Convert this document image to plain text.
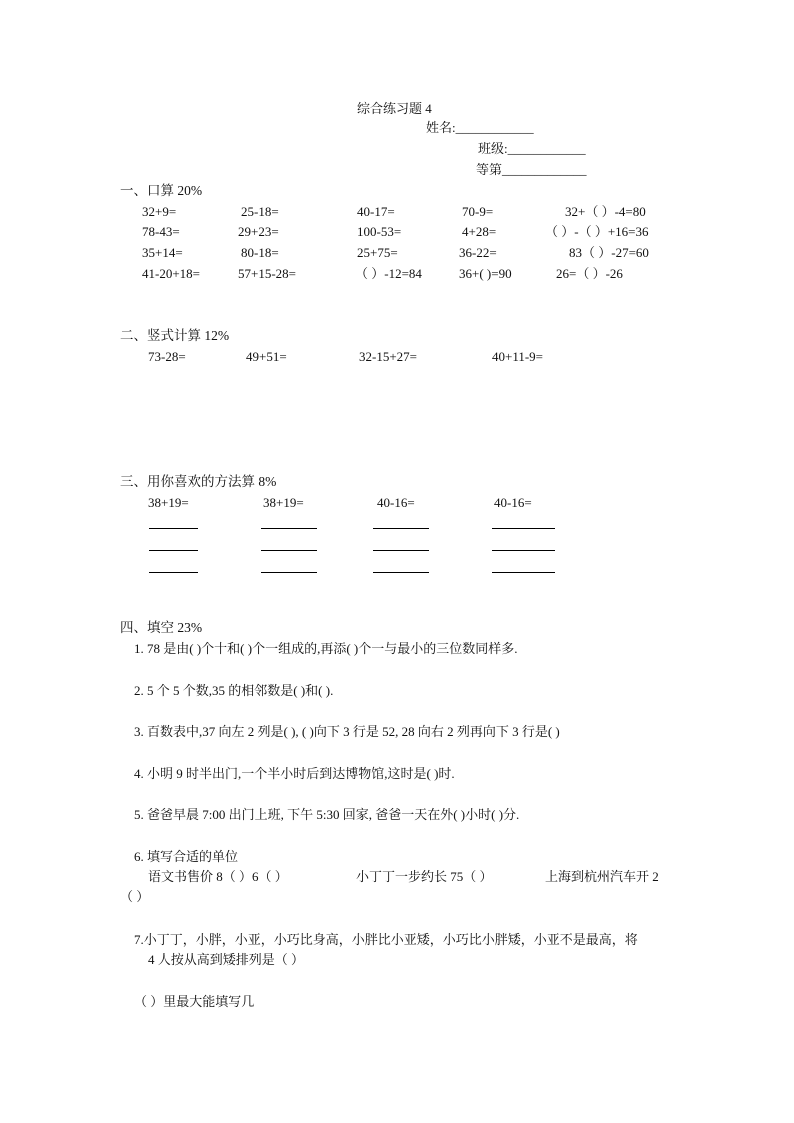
综合练习题 4
姓名:____________
班级:____________
等第_____________
一、口算 20%
32+9=	25-18=	40-17=	70-9=	32+（ ）-4=80
78-43=	29+23=	100-53=	4+28=	（ ）-（ ）+16=36
35+14=	80-18=	25+75=	36-22=	83（ ）-27=60
41-20+18=	57+15-28=	（ ）-12=84	36+( )=90	26=（ ）-26
二、竖式计算 12%
73-28=	49+51=	32-15+27=	40+11-9=
三、用你喜欢的方法算 8%
38+19=	38+19=	40-16=	40-16=
四、填空 23%
1. 78 是由( )个十和( )个一组成的,再添( )个一与最小的三位数同样多.
2. 5 个 5 个数,35 的相邻数是( )和( ).
3. 百数表中,37 向左 2 列是( ), ( )向下 3 行是 52, 28 向右 2 列再向下 3 行是( )
4. 小明 9 时半出门,一个半小时后到达博物馆,这时是( )时.
5. 爸爸早晨 7:00 出门上班, 下午 5:30 回家, 爸爸一天在外( )小时( )分.
6. 填写合适的单位
语文书售价 8（ ）6（ ）	小丁丁一步约长 75（ ）	上海到杭州汽车开 2
（ ）
7.小丁丁，小胖，小亚，小巧比身高，小胖比小亚矮，小巧比小胖矮，小亚不是最高，将
4 人按从高到矮排列是（ ）
（ ）里最大能填写几
